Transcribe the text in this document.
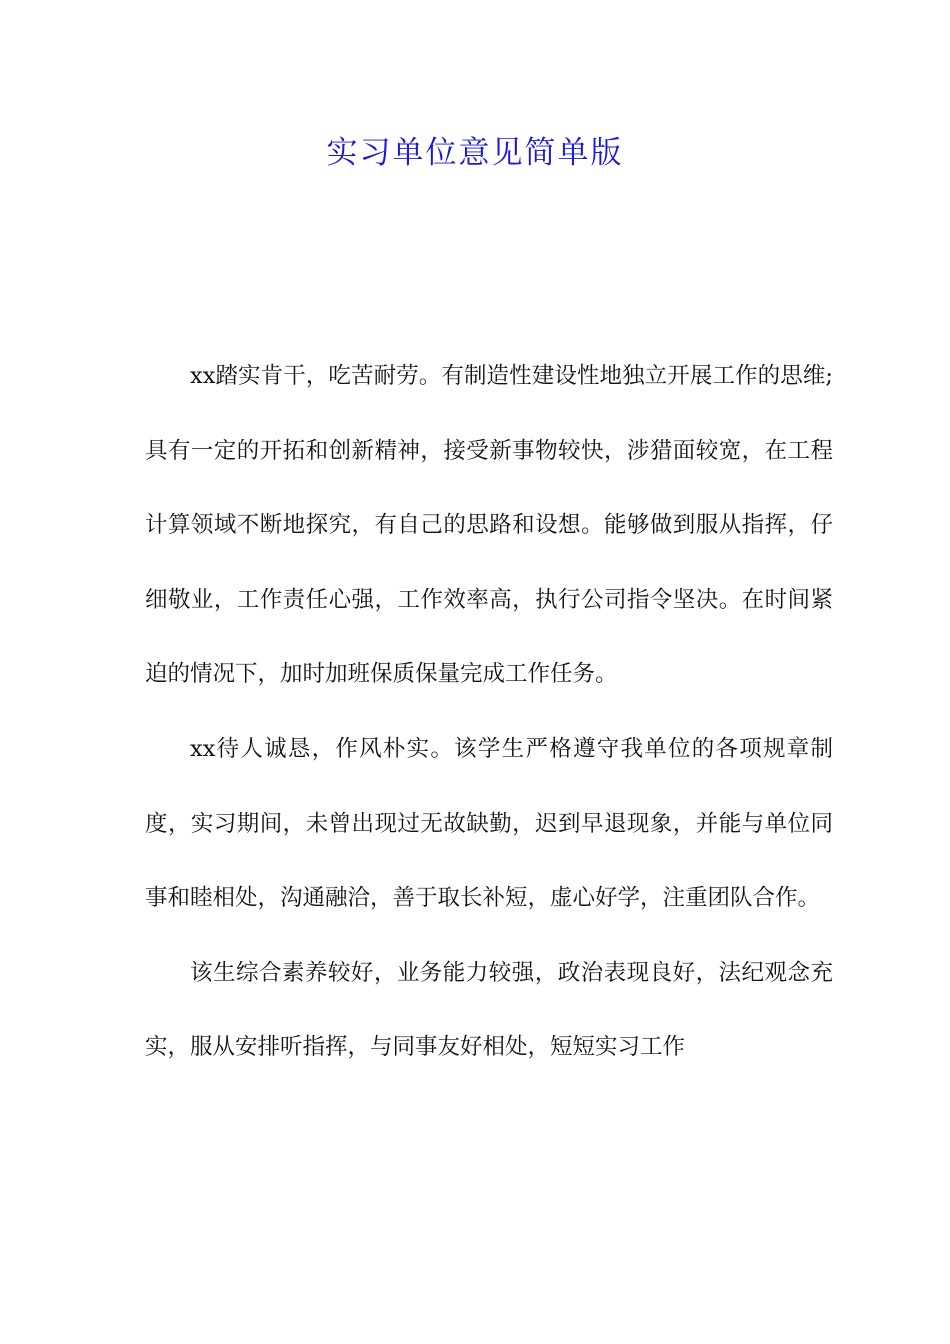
实习单位意见简单版

xx踏实肯干，吃苦耐劳。有制造性建设性地独立开展工作的思维;具有一定的开拓和创新精神，接受新事物较快，涉猎面较宽，在工程计算领域不断地探究，有自己的思路和设想。能够做到服从指挥，仔细敬业，工作责任心强，工作效率高，执行公司指令坚决。在时间紧迫的情况下，加时加班保质保量完成工作任务。

xx待人诚恳，作风朴实。该学生严格遵守我单位的各项规章制度，实习期间，未曾出现过无故缺勤，迟到早退现象，并能与单位同事和睦相处，沟通融洽，善于取长补短，虚心好学，注重团队合作。

该生综合素养较好，业务能力较强，政治表现良好，法纪观念充实，服从安排听指挥，与同事友好相处，短短实习工作
